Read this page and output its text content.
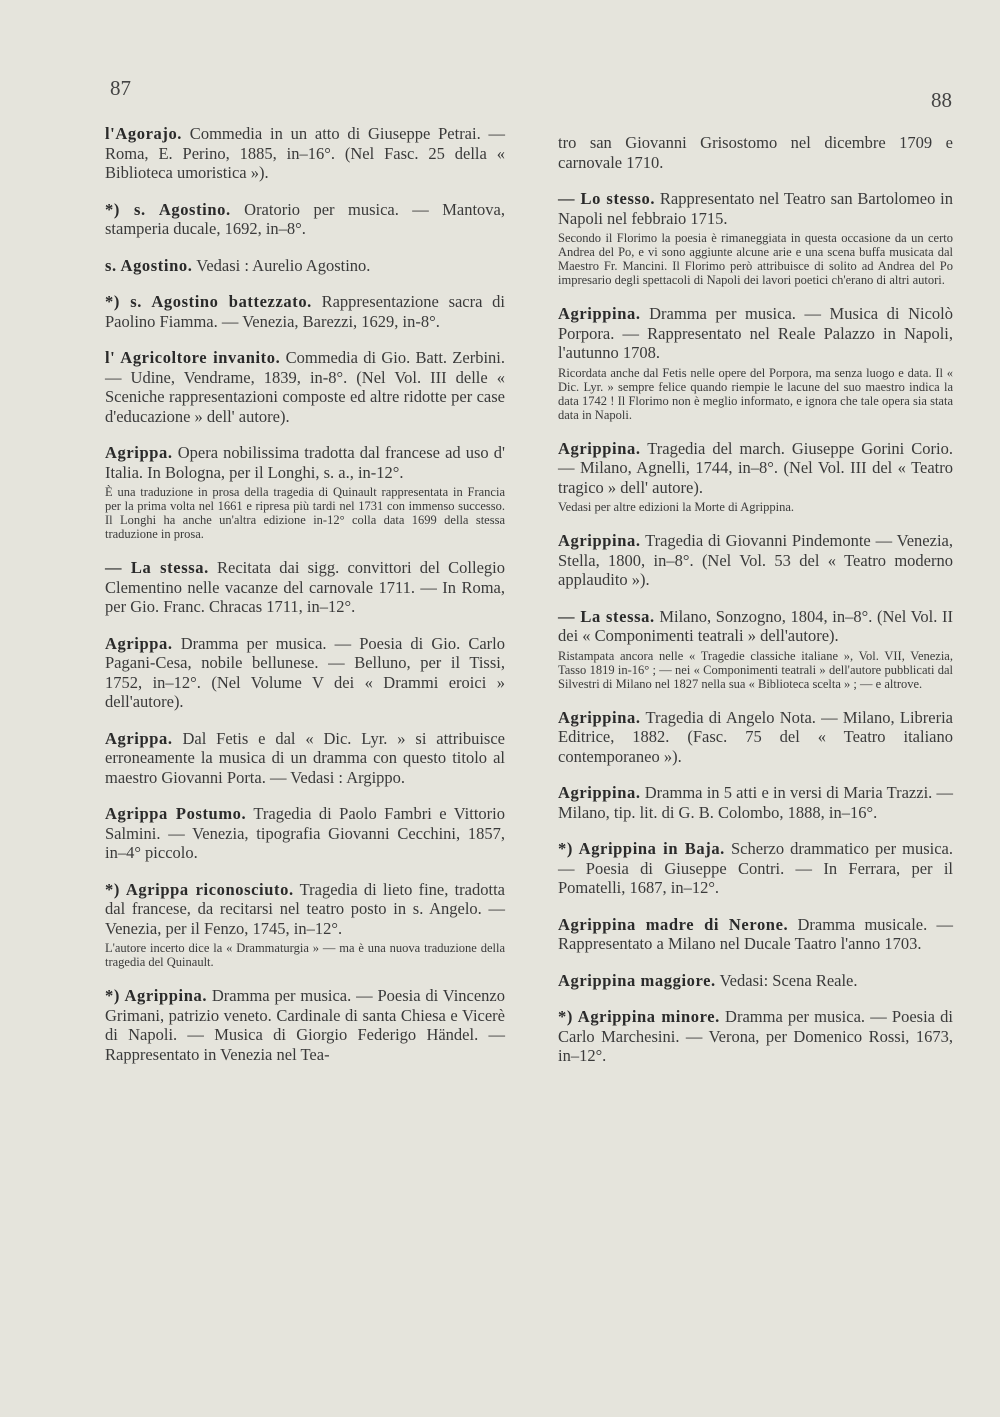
87	88
l'Agorajo. Commedia in un atto di Giuseppe Petrai. — Roma, E. Perino, 1885, in–16°. (Nel Fasc. 25 della « Biblioteca umoristica »).
*) s. Agostino. Oratorio per musica. — Mantova, stamperia ducale, 1692, in–8°.
s. Agostino. Vedasi : Aurelio Agostino.
*) s. Agostino battezzato. Rappresentazione sacra di Paolino Fiamma. — Venezia, Barezzi, 1629, in-8°.
l' Agricoltore invanito. Commedia di Gio. Batt. Zerbini. — Udine, Vendrame, 1839, in-8°. (Nel Vol. III delle « Sceniche rappresentazioni composte ed altre ridotte per case d'educazione » dell' autore).
Agrippa. Opera nobilissima tradotta dal francese ad uso d' Italia. In Bologna, per il Longhi, s. a., in-12°.
È una traduzione in prosa della tragedia di Quinault rappresentata in Francia per la prima volta nel 1661 e ripresa più tardi nel 1731 con immenso successo. Il Longhi ha anche un'altra edizione in-12° colla data 1699 della stessa traduzione in prosa.
— La stessa. Recitata dai sigg. convittori del Collegio Clementino nelle vacanze del carnovale 1711. — In Roma, per Gio. Franc. Chracas 1711, in–12°.
Agrippa. Dramma per musica. — Poesia di Gio. Carlo Pagani-Cesa, nobile bellunese. — Belluno, per il Tissi, 1752, in–12°. (Nel Volume V dei « Drammi eroici » dell'autore).
Agrippa. Dal Fetis e dal « Dic. Lyr. » si attribuisce erroneamente la musica di un dramma con questo titolo al maestro Giovanni Porta. — Vedasi : Argippo.
Agrippa Postumo. Tragedia di Paolo Fambri e Vittorio Salmini. — Venezia, tipografia Giovanni Cecchini, 1857, in–4° piccolo.
*) Agrippa riconosciuto. Tragedia di lieto fine, tradotta dal francese, da recitarsi nel teatro posto in s. Angelo. — Venezia, per il Fenzo, 1745, in–12°.
L'autore incerto dice la « Drammaturgia » — ma è una nuova traduzione della tragedia del Quinault.
*) Agrippina. Dramma per musica. — Poesia di Vincenzo Grimani, patrizio veneto. Cardinale di santa Chiesa e Vicerè di Napoli. — Musica di Giorgio Federigo Händel. — Rappresentato in Venezia nel Tea-
tro san Giovanni Grisostomo nel dicembre 1709 e carnovale 1710.
— Lo stesso. Rappresentato nel Teatro san Bartolomeo in Napoli nel febbraio 1715.
Secondo il Florimo la poesia è rimaneggiata in questa occasione da un certo Andrea del Po, e vi sono aggiunte alcune arie e una scena buffa musicata dal Maestro Fr. Mancini. Il Florimo però attribuisce di solito ad Andrea del Po impresario degli spettacoli di Napoli dei lavori poetici ch'erano di altri autori.
Agrippina. Dramma per musica. — Musica di Nicolò Porpora. — Rappresentato nel Reale Palazzo in Napoli, l'autunno 1708.
Ricordata anche dal Fetis nelle opere del Porpora, ma senza luogo e data. Il « Dic. Lyr. » sempre felice quando riempie le lacune del suo maestro indica la data 1742 ! Il Florimo non è meglio informato, e ignora che tale opera sia stata data in Napoli.
Agrippina. Tragedia del march. Giuseppe Gorini Corio. — Milano, Agnelli, 1744, in–8°. (Nel Vol. III del « Teatro tragico » dell' autore).
Vedasi per altre edizioni la Morte di Agrippina.
Agrippina. Tragedia di Giovanni Pindemonte — Venezia, Stella, 1800, in–8°. (Nel Vol. 53 del « Teatro moderno applaudito »).
— La stessa. Milano, Sonzogno, 1804, in–8°. (Nel Vol. II dei « Componimenti teatrali » dell'autore).
Ristampata ancora nelle « Tragedie classiche italiane », Vol. VII, Venezia, Tasso 1819 in-16° ; — nei « Componimenti teatrali » dell'autore pubblicati dal Silvestri di Milano nel 1827 nella sua « Biblioteca scelta » ; — e altrove.
Agrippina. Tragedia di Angelo Nota. — Milano, Libreria Editrice, 1882. (Fasc. 75 del « Teatro italiano contemporaneo »).
Agrippina. Dramma in 5 atti e in versi di Maria Trazzi. — Milano, tip. lit. di G. B. Colombo, 1888, in–16°.
*) Agrippina in Baja. Scherzo drammatico per musica. — Poesia di Giuseppe Contri. — In Ferrara, per il Pomatelli, 1687, in–12°.
Agrippina madre di Nerone. Dramma musicale. — Rappresentato a Milano nel Ducale Taatro l'anno 1703.
Agrippina maggiore. Vedasi: Scena Reale.
*) Agrippina minore. Dramma per musica. — Poesia di Carlo Marchesini. — Verona, per Domenico Rossi, 1673, in–12°.
